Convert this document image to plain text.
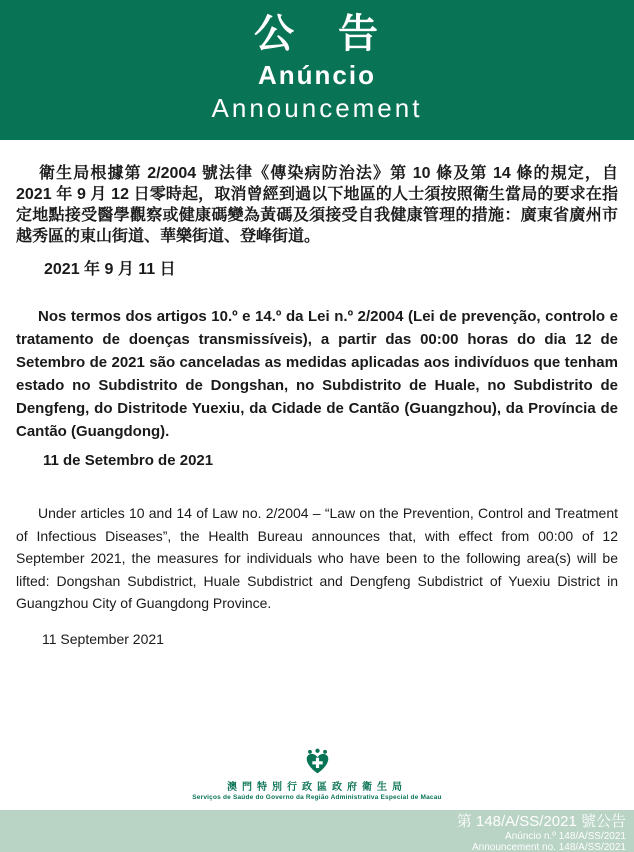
公　告
Anúncio
Announcement

衛生局根據第 2/2004 號法律《傳染病防治法》第 10 條及第 14 條的規定，自 2021 年 9 月 12 日零時起，取消曾經到過以下地區的人士須按照衛生當局的要求在指定地點接受醫學觀察或健康碼變為黃碼及須接受自我健康管理的措施：廣東省廣州市越秀區的東山街道、華樂街道、登峰街道。

2021 年 9 月 11 日

Nos termos dos artigos 10.º e 14.º da Lei n.º 2/2004 (Lei de prevenção, controlo e tratamento de doenças transmissíveis), a partir das 00:00 horas do dia 12 de Setembro de 2021 são canceladas as medidas aplicadas aos indivíduos que tenham estado no Subdistrito de Dongshan, no Subdistrito de Huale, no Subdistrito de Dengfeng, do Distritode Yuexiu, da Cidade de Cantão (Guangzhou), da Província de Cantão (Guangdong).

11 de Setembro de 2021

Under articles 10 and 14 of Law no. 2/2004 – “Law on the Prevention, Control and Treatment of Infectious Diseases”, the Health Bureau announces that, with effect from 00:00 of 12 September 2021, the measures for individuals who have been to the following area(s) will be lifted: Dongshan Subdistrict, Huale Subdistrict and Dengfeng Subdistrict of Yuexiu District in Guangzhou City of Guangdong Province.

11 September 2021

澳門特別行政區政府衛生局
Serviços de Saúde do Governo da Região Administrativa Especial de Macau
第 148/A/SS/2021 號公告
Anúncio n.º 148/A/SS/2021
Announcement no. 148/A/SS/2021
